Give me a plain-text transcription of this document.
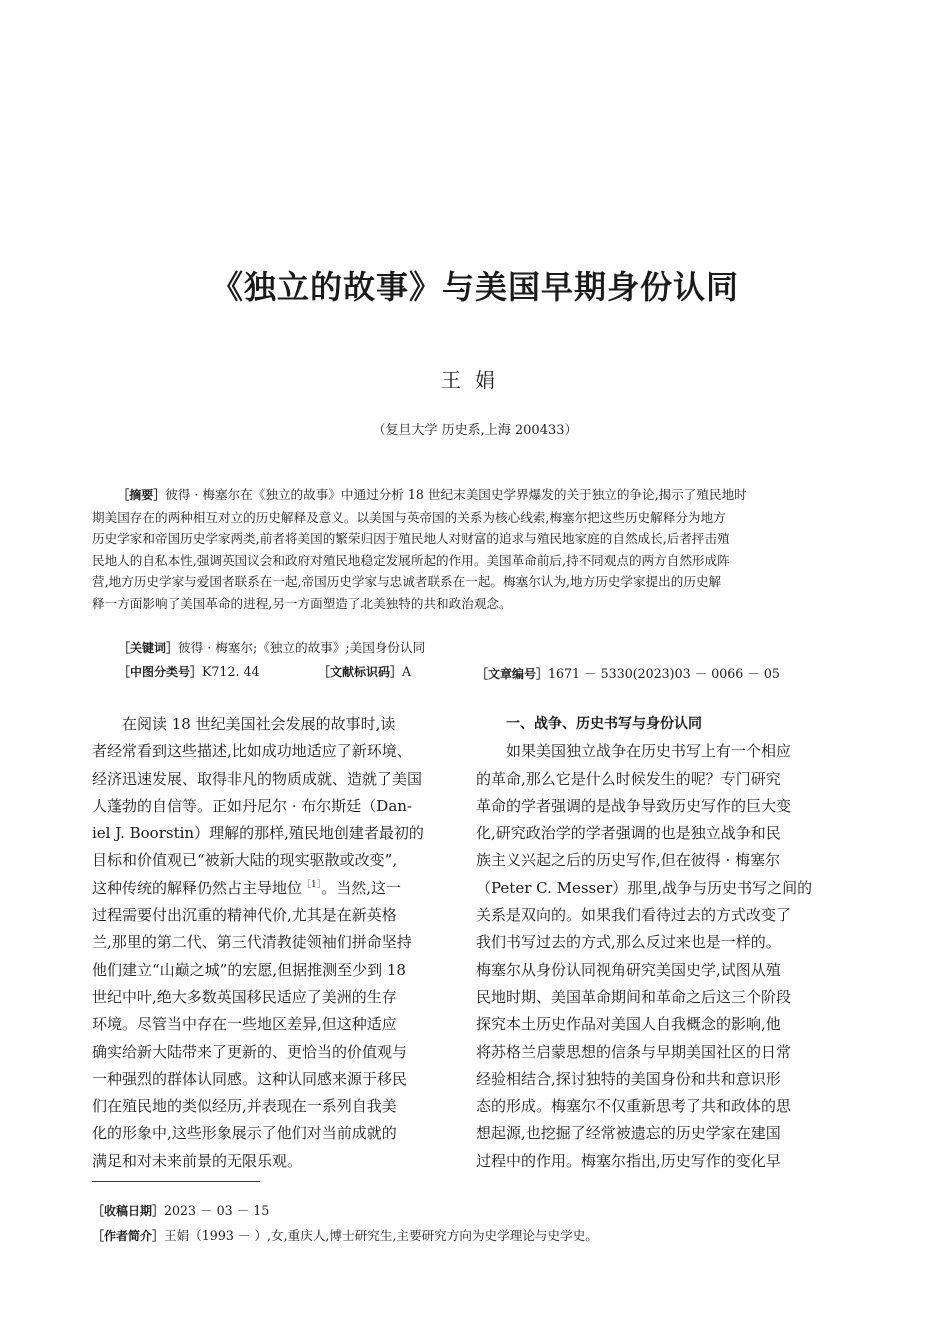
《独立的故事》与美国早期身份认同
王娟
（复旦大学 历史系,上海 200433）

［摘要］彼得 · 梅塞尔在《独立的故事》中通过分析 18 世纪末美国史学界爆发的关于独立的争论,揭示了殖民地时

期美国存在的两种相互对立的历史解释及意义。以美国与英帝国的关系为核心线索,梅塞尔把这些历史解释分为地方

历史学家和帝国历史学家两类,前者将美国的繁荣归因于殖民地人对财富的追求与殖民地家庭的自然成长,后者抨击殖

民地人的自私本性,强调英国议会和政府对殖民地稳定发展所起的作用。美国革命前后,持不同观点的两方自然形成阵

营,地方历史学家与爱国者联系在一起,帝国历史学家与忠诚者联系在一起。梅塞尔认为,地方历史学家提出的历史解

释一方面影响了美国革命的进程,另一方面塑造了北美独特的共和政治观念。

［关键词］彼得 · 梅塞尔;《独立的故事》;美国身份认同
［中图分类号］K712. 44	［文献标识码］A	［文章编号］1671 － 5330(2023)03 － 0066 － 05
在阅读 18 世纪美国社会发展的故事时,读
者经常看到这些描述,比如成功地适应了新环境、
经济迅速发展、取得非凡的物质成就、造就了美国
人蓬勃的自信等。正如丹尼尔 · 布尔斯廷（Dan-
iel J. Boorstin）理解的那样,殖民地创建者最初的
目标和价值观已“被新大陆的现实驱散或改变”,
这种传统的解释仍然占主导地位$^{[1]}$。当然,这一
过程需要付出沉重的精神代价,尤其是在新英格
兰,那里的第二代、第三代清教徒领袖们拼命坚持
他们建立“山巅之城”的宏愿,但据推测至少到 18
世纪中叶,绝大多数英国移民适应了美洲的生存
环境。尽管当中存在一些地区差异,但这种适应
确实给新大陆带来了更新的、更恰当的价值观与
一种强烈的群体认同感。这种认同感来源于移民
们在殖民地的类似经历,并表现在一系列自我美
化的形象中,这些形象展示了他们对当前成就的
满足和对未来前景的无限乐观。
一、战争、历史书写与身份认同
如果美国独立战争在历史书写上有一个相应
的革命,那么它是什么时候发生的呢？专门研究
革命的学者强调的是战争导致历史写作的巨大变
化,研究政治学的学者强调的也是独立战争和民
族主义兴起之后的历史写作,但在彼得 · 梅塞尔
（Peter C. Messer）那里,战争与历史书写之间的
关系是双向的。如果我们看待过去的方式改变了
我们书写过去的方式,那么反过来也是一样的。
梅塞尔从身份认同视角研究美国史学,试图从殖
民地时期、美国革命期间和革命之后这三个阶段
探究本土历史作品对美国人自我概念的影响,他
将苏格兰启蒙思想的信条与早期美国社区的日常
经验相结合,探讨独特的美国身份和共和意识形
态的形成。梅塞尔不仅重新思考了共和政体的思
想起源,也挖掘了经常被遗忘的历史学家在建国
过程中的作用。梅塞尔指出,历史写作的变化早
［收稿日期］2023 － 03 － 15
［作者简介］王娟（1993 － ）,女,重庆人,博士研究生,主要研究方向为史学理论与史学史。
